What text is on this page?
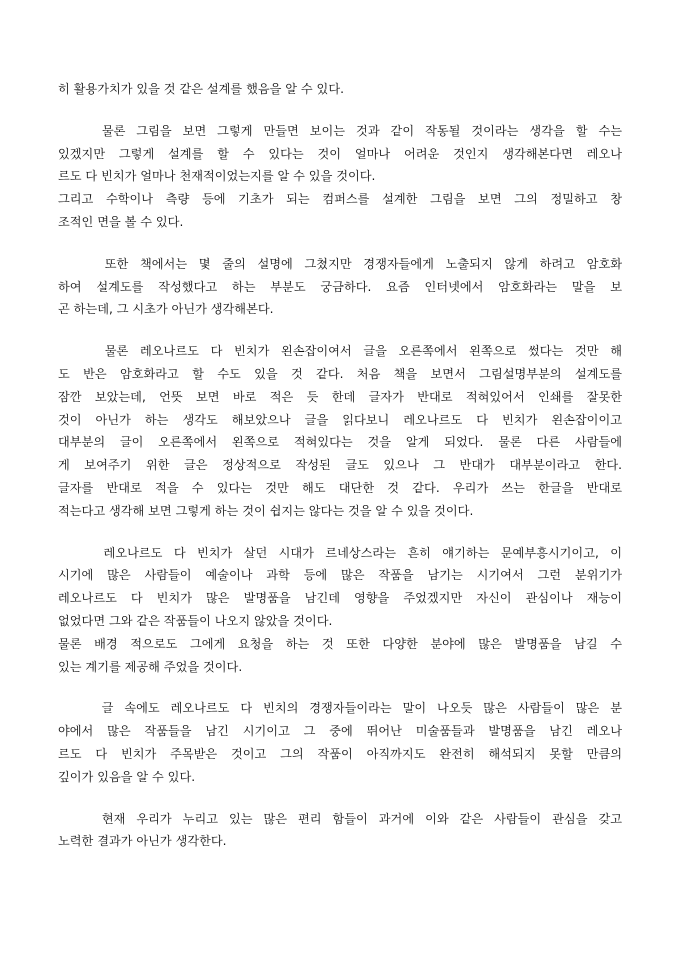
히 활용가치가 있을 것 같은 설계를 했음을 알 수 있다.
물론 그림을 보면 그렇게 만들면 보이는 것과 같이 작동될 것이라는 생각을 할 수는
있겠지만 그렇게 설계를 할 수 있다는 것이 얼마나 어려운 것인지 생각해본다면 레오나
르도 다 빈치가 얼마나 천재적이었는지를 알 수 있을 것이다.
그리고 수학이나 측량 등에 기초가 되는 컴퍼스를 설계한 그림을 보면 그의 정밀하고 창
조적인 면을 볼 수 있다.
또한 책에서는 몇 줄의 설명에 그쳤지만 경쟁자들에게 노출되지 않게 하려고 암호화
하여 설계도를 작성했다고 하는 부분도 궁금하다. 요즘 인터넷에서 암호화라는 말을 보
곤 하는데, 그 시초가 아닌가 생각해본다.
물론 레오나르도 다 빈치가 왼손잡이여서 글을 오른쪽에서 왼쪽으로 썼다는 것만 해
도 반은 암호화라고 할 수도 있을 것 같다. 처음 책을 보면서 그림설명부분의 설계도를
잠깐 보았는데, 언뜻 보면 바로 적은 듯 한데 글자가 반대로 적혀있어서 인쇄를 잘못한
것이 아닌가 하는 생각도 해보았으나 글을 읽다보니 레오나르도 다 빈치가 왼손잡이이고
대부분의 글이 오른쪽에서 왼쪽으로 적혀있다는 것을 알게 되었다. 물론 다른 사람들에
게 보여주기 위한 글은 정상적으로 작성된 글도 있으나 그 반대가 대부분이라고 한다.
글자를 반대로 적을 수 있다는 것만 해도 대단한 것 같다. 우리가 쓰는 한글을 반대로
적는다고 생각해 보면 그렇게 하는 것이 쉽지는 않다는 것을 알 수 있을 것이다.
레오나르도 다 빈치가 살던 시대가 르네상스라는 흔히 얘기하는 문예부흥시기이고, 이
시기에 많은 사람들이 예술이나 과학 등에 많은 작품을 남기는 시기여서 그런 분위기가
레오나르도 다 빈치가 많은 발명품을 남긴데 영향을 주었겠지만 자신이 관심이나 재능이
없었다면 그와 같은 작품들이 나오지 않았을 것이다.
물론 배경 적으로도 그에게 요청을 하는 것 또한 다양한 분야에 많은 발명품을 남길 수
있는 계기를 제공해 주었을 것이다.
글 속에도 레오나르도 다 빈치의 경쟁자들이라는 말이 나오듯 많은 사람들이 많은 분
야에서 많은 작품들을 남긴 시기이고 그 중에 뛰어난 미술품들과 발명품을 남긴 레오나
르도 다 빈치가 주목받은 것이고 그의 작품이 아직까지도 완전히 해석되지 못할 만큼의
깊이가 있음을 알 수 있다.
현재 우리가 누리고 있는 많은 편리 함들이 과거에 이와 같은 사람들이 관심을 갖고
노력한 결과가 아닌가 생각한다.
